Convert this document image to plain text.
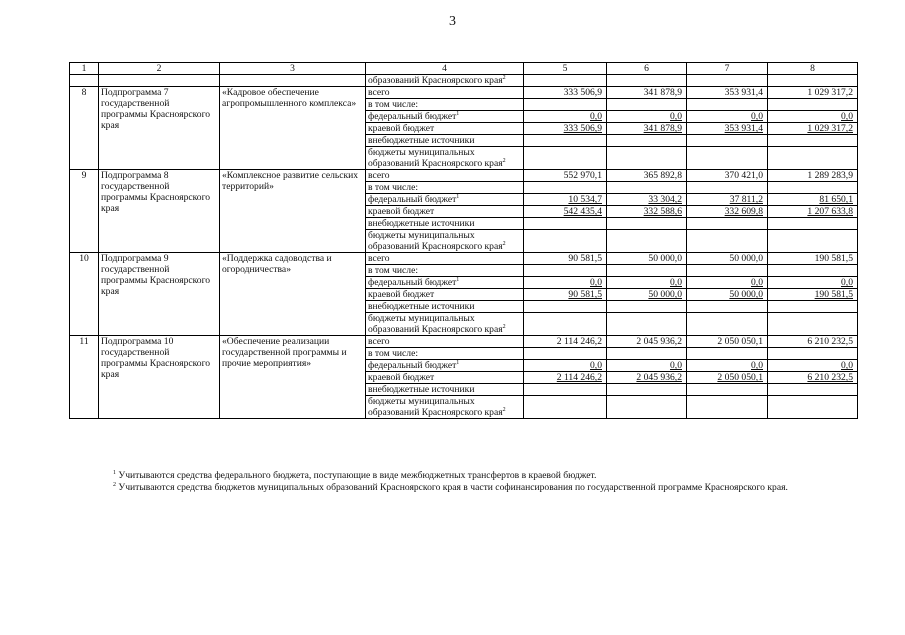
3
1	2	3	4	5	6	7	8
			образований Красноярского края$^2$				
8	Подпрограмма 7 государственной программы Красноярского края	«Кадровое обеспечение агропромышленного комплекса»	всего	333 506,9	341 878,9	353 931,4	1 029 317,2
			в том числе:				
			федеральный бюджет$^1$	0,0	0,0	0,0	0,0
			краевой бюджет	333 506,9	341 878,9	353 931,4	1 029 317,2
			внебюджетные источники				
			бюджеты муниципальных образований Красноярского края$^2$				
9	Подпрограмма 8 государственной программы Красноярского края	«Комплексное развитие сельских территорий»	всего	552 970,1	365 892,8	370 421,0	1 289 283,9
			в том числе:				
			федеральный бюджет$^1$	10 534,7	33 304,2	37 811,2	81 650,1
			краевой бюджет	542 435,4	332 588,6	332 609,8	1 207 633,8
			внебюджетные источники				
			бюджеты муниципальных образований Красноярского края$^2$				
10	Подпрограмма 9 государственной программы Красноярского края	«Поддержка садоводства и огородничества»	всего	90 581,5	50 000,0	50 000,0	190 581,5
			в том числе:				
			федеральный бюджет$^1$	0,0	0,0	0,0	0,0
			краевой бюджет	90 581,5	50 000,0	50 000,0	190 581,5
			внебюджетные источники				
			бюджеты муниципальных образований Красноярского края$^2$				
11	Подпрограмма 10 государственной программы Красноярского края	«Обеспечение реализации государственной программы и прочие мероприятия»	всего	2 114 246,2	2 045 936,2	2 050 050,1	6 210 232,5
			в том числе:				
			федеральный бюджет$^1$	0,0	0,0	0,0	0,0
			краевой бюджет	2 114 246,2	2 045 936,2	2 050 050,1	6 210 232,5
			внебюджетные источники				
			бюджеты муниципальных образований Красноярского края$^2$				
$^1$ Учитываются средства федерального бюджета, поступающие в виде межбюджетных трансфертов в краевой бюджет.
$^2$ Учитываются средства бюджетов муниципальных образований Красноярского края в части софинансирования по государственной программе Красноярского края.
